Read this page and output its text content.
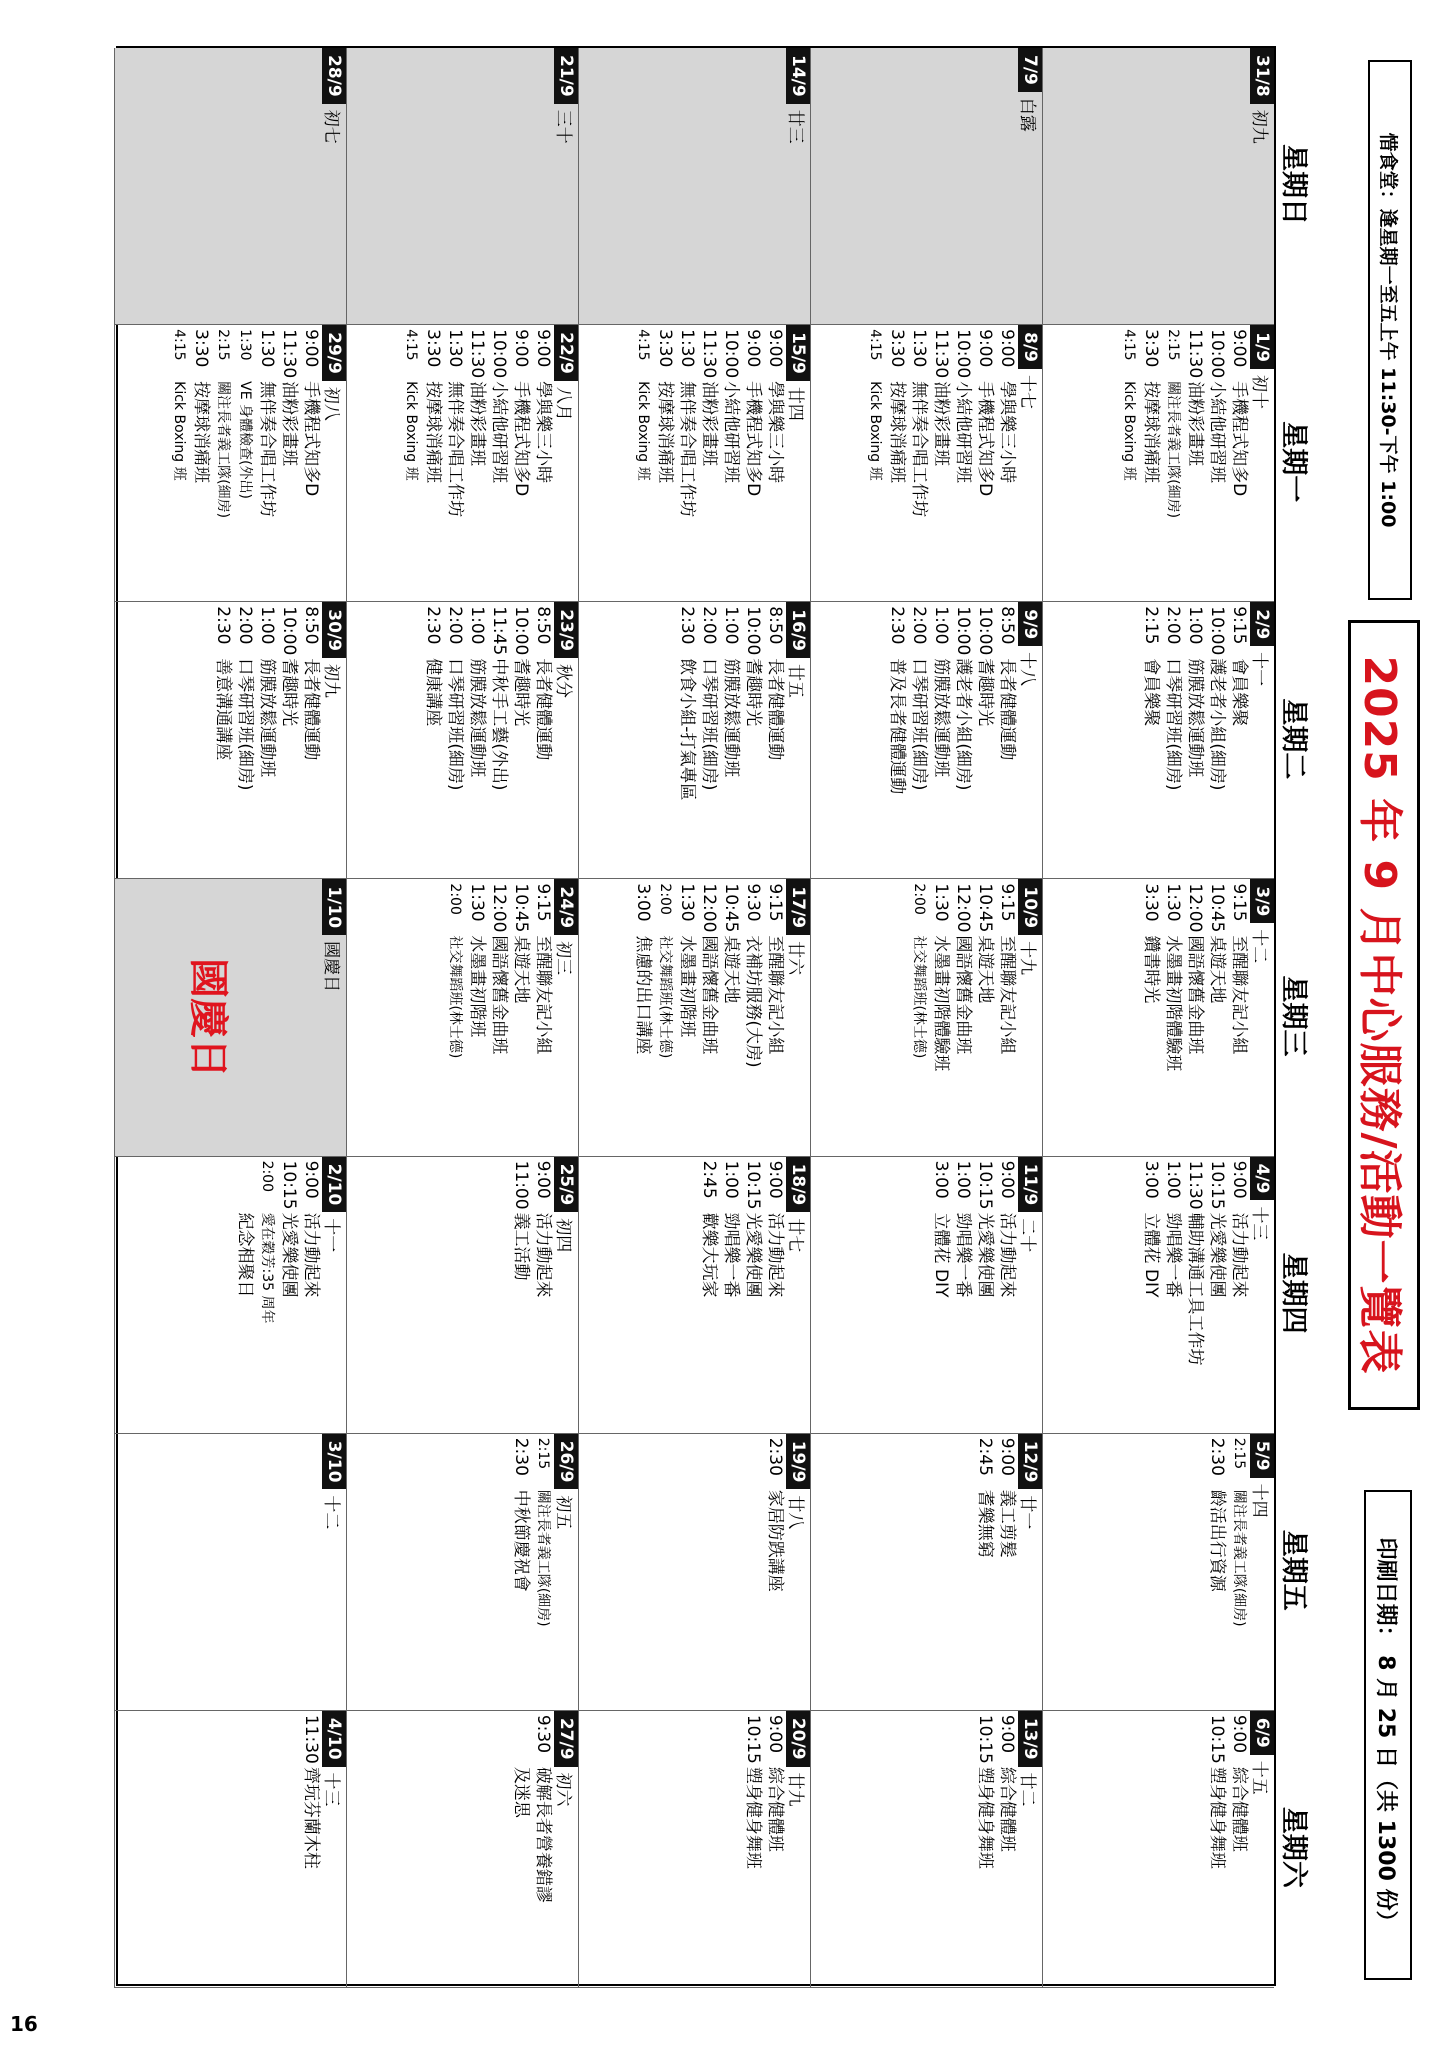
惜食堂：逢星期一至五上午 11:30-下午 1:00
2025 年 9 月中心服務/活動一覽表
印刷日期： 8 月 25 日（共 1300 份）
星期日
星期一
星期二
星期三
星期四
星期五
星期六
31/8
初九
1/9
初十
9:00
手機程式知多D
10:00
小結他研習班
11:30
油粉彩畫班
2:15
關注長者義工隊(細房)
3:30
按摩球消痛班
4:15
Kick Boxing 班
2/9
十一
9:15
會員樂聚
10:00
護老者小組(細房)
1:00
筋膜放鬆運動班
2:00
口琴研習班(細房)
2:15
會員樂聚
3/9
十二
9:15
至醒聯友記小組
10:45
桌遊天地
12:00
國語懷舊金曲班
1:30
水墨畫初階體驗班
3:30
鑽書時光
4/9
十三
9:00
活力動起來
10:15
光愛樂使團
11:30
輔助溝通工具工作坊
1:00
勁唱樂一番
3:00
立體花 DIY
5/9
十四
2:15
關注長者義工隊(細房)
2:30
齡活出行資源
6/9
十五
9:00
綜合健體班
10:15
塑身健身舞班
7/9
白露
8/9
十七
9:00
學與樂三小時
9:00
手機程式知多D
10:00
小結他研習班
11:30
油粉彩畫班
1:30
無伴奏合唱工作坊
3:30
按摩球消痛班
4:15
Kick Boxing 班
9/9
十八
8:50
長者健體運動
10:00
耆趣時光
10:00
護老者小組(細房)
1:00
筋膜放鬆運動班
2:00
口琴研習班(細房)
2:30
普及長者健體運動
10/9
十九
9:15
至醒聯友記小組
10:45
桌遊天地
12:00
國語懷舊金曲班
1:30
水墨畫初階體驗班
2:00
社交舞蹈班(林士德)
11/9
二十
9:00
活力動起來
10:15
光愛樂使團
1:00
勁唱樂一番
3:00
立體花 DIY
12/9
廿一
9:00
義工剪髮
2:45
耆樂無窮
13/9
廿二
9:00
綜合健體班
10:15
塑身健身舞班
14/9
廿三
15/9
廿四
9:00
學與樂三小時
9:00
手機程式知多D
10:00
小結他研習班
11:30
油粉彩畫班
1:30
無伴奏合唱工作坊
3:30
按摩球消痛班
4:15
Kick Boxing 班
16/9
廿五
8:50
長者健體運動
10:00
耆趣時光
1:00
筋膜放鬆運動班
2:00
口琴研習班(細房)
2:30
飲食小組-打氣專區
17/9
廿六
9:15
至醒聯友記小組
9:30
衣補坊服務(大房)
10:45
桌遊天地
12:00
國語懷舊金曲班
1:30
水墨畫初階班
2:00
社交舞蹈班(林士德)
3:00
焦慮的出口講座
18/9
廿七
9:00
活力動起來
10:15
光愛樂使團
1:00
勁唱樂一番
2:45
歡樂大玩家
19/9
廿八
2:30
家居防跌講座
20/9
廿九
9:00
綜合健體班
10:15
塑身健身舞班
21/9
三十
22/9
八月
9:00
學與樂三小時
9:00
手機程式知多D
10:00
小結他研習班
11:30
油粉彩畫班
1:30
無伴奏合唱工作坊
3:30
按摩球消痛班
4:15
Kick Boxing 班
23/9
秋分
8:50
長者健體運動
10:00
耆趣時光
11:45
中秋手工藝(外出)
1:00
筋膜放鬆運動班
2:00
口琴研習班(細房)
2:30
健康講座
24/9
初三
9:15
至醒聯友記小組
10:45
桌遊天地
12:00
國語懷舊金曲班
1:30
水墨畫初階班
2:00
社交舞蹈班(林士德)
25/9
初四
9:00
活力動起來
11:00
義工活動
26/9
初五
2:15
關注長者義工隊(細房)
2:30
中秋節慶祝會
27/9
初六
9:30
破解長者營養錯謬
及迷思
28/9
初七
29/9
初八
9:00
手機程式知多D
11:30
油粉彩畫班
1:30
無伴奏合唱工作坊
1:30
VE 身體檢查(外出)
2:15
關注長者義工隊(細房)
3:30
按摩球消痛班
4:15
Kick Boxing 班
30/9
初九
8:50
長者健體運動
10:00
耆趣時光
1:00
筋膜放鬆運動班
2:00
口琴研習班(細房)
2:30
善意溝通講座
1/10
國慶日
國慶日
2/10
十一
9:00
活力動起來
10:15
光愛樂使團
2:00
愛在穀芳:35 周年
紀念相聚日
3/10
十二
4/10
十三
11:30
齊玩芬蘭木柱
16
